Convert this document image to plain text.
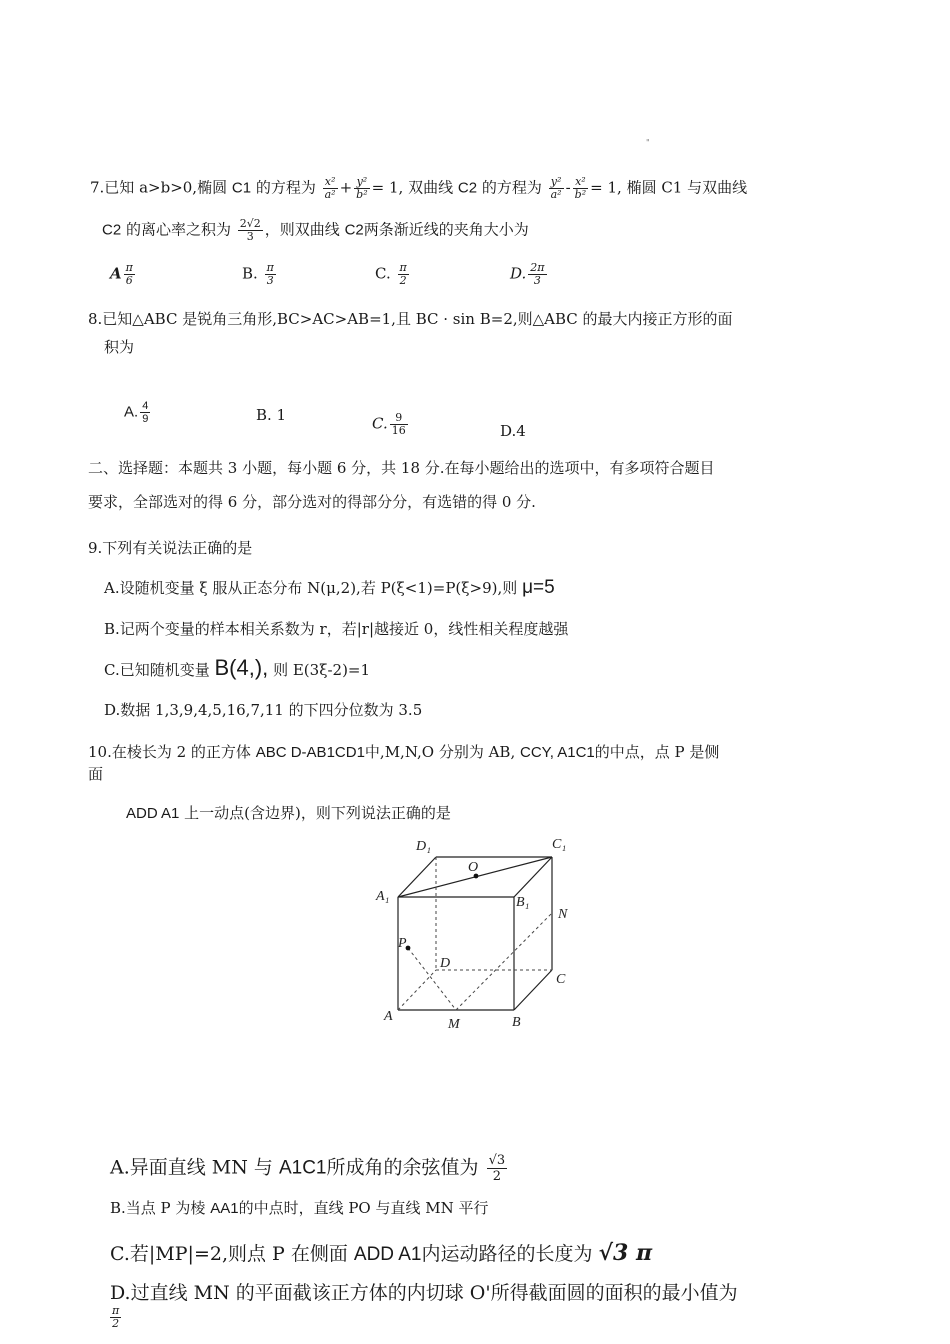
"
7.已知 a>b>0,椭圆 C1 的方程为 $\frac{\text{x²}}{\text{a²}} + \frac{\text{y²}}{\text{b²}} = 1$, 双曲线 C2 的方程为 $\frac{\text{y²}}{\text{a²}} - \frac{\text{x²}}{\text{b²}} = 1$, 椭圆 C1 与双曲线
C2 的离心率之积为 $\frac{2√2}{3}$ ，则双曲线 C2两条渐近线的夹角大小为
A $\frac{\pi}{6}$	B. $\frac{\pi}{3}$	C. $\frac{\pi}{2}$	D. $\frac{2\pi}{3}$
8.已知△ABC 是锐角三角形,BC>AC>AB=1,且 BC · sin B=2,则△ABC 的最大内接正方形的面
积为
A. $\frac{4}{9}$	B. 1	C. $\frac{9}{16}$	D.4
二、选择题：本题共 3 小题，每小题 6 分，共 18 分.在每小题给出的选项中，有多项符合题目
要求，全部选对的得 6 分，部分选对的得部分分，有选错的得 0 分.
9.下列有关说法正确的是
A.设随机变量 ξ 服从正态分布 N(μ,2),若 P(ξ<1)=P(ξ>9),则 μ=5
B.记两个变量的样本相关系数为 r，若|r|越接近 0，线性相关程度越强
C.已知随机变量 B(4,), 则 E(3ξ-2)=1
D.数据 1,3,9,4,5,16,7,11 的下四分位数为 3.5
10.在棱长为 2 的正方体 ABC D-AB1CD1中,M,N,O 分别为 AB, CCY, A1C1的中点，点 P 是侧
面
ADD A1 上一动点(含边界)，则下列说法正确的是
D₁	C₁
O
A₁	B₁
N
P
D
C
A
M	B
A.异面直线 MN 与 A1C1所成角的余弦值为 $\frac{√3}{2}$
B.当点 P 为棱 AA1的中点时，直线 PO 与直线 MN 平行
C.若|MP|=2,则点 P 在侧面 ADD A1内运动路径的长度为 √3 π
D.过直线 MN 的平面截该正方体的内切球 O'所得截面圆的面积的最小值为
$\frac{\pi}{2}$
